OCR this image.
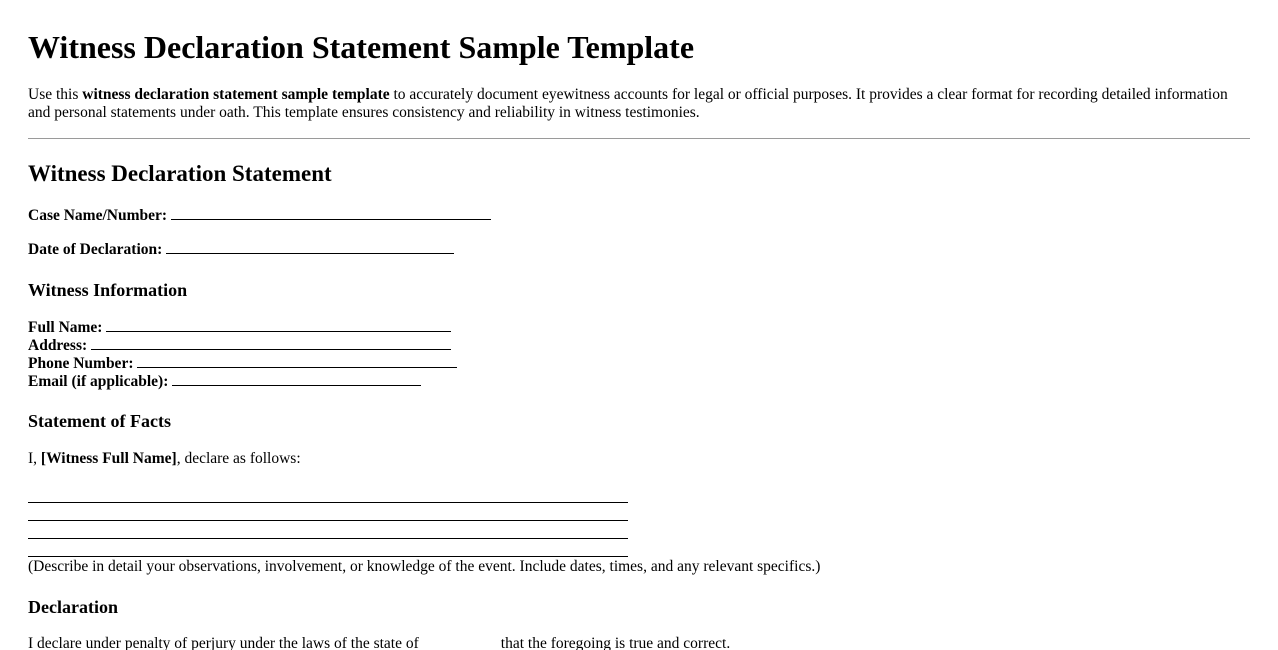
Witness Declaration Statement Sample Template

Use this witness declaration statement sample template to accurately document eyewitness accounts for legal or official purposes. It provides a clear format for recording detailed information and personal statements under oath. This template ensures consistency and reliability in witness testimonies.

Witness Declaration Statement

Case Name/Number:

Date of Declaration:

Witness Information

Full Name:

Address:

Phone Number:

Email (if applicable):

Statement of Facts

I, [Witness Full Name], declare as follows:

(Describe in detail your observations, involvement, or knowledge of the event. Include dates, times, and any relevant specifics.)

Declaration

I declare under penalty of perjury under the laws of the state of	that the foregoing is true and correct.
